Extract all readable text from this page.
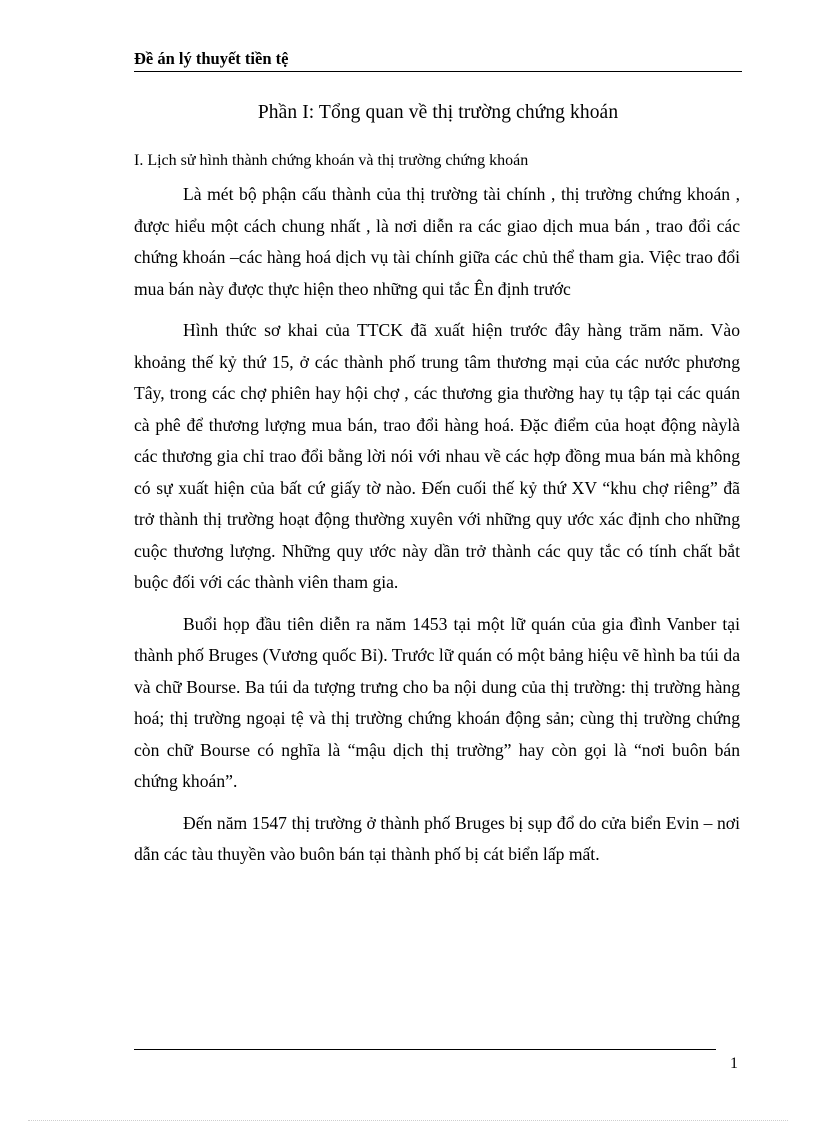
Đề án lý thuyết tiền tệ
Phần I: Tổng quan về thị trường chứng khoán
I. Lịch sử hình thành chứng khoán và thị trường chứng khoán

Là mét bộ phận cấu thành của thị trường tài chính , thị trường chứng khoán , được hiểu một cách chung nhất , là nơi diễn ra các giao dịch mua bán , trao đổi các chứng khoán –các hàng hoá dịch vụ tài chính giữa các chủ thể tham gia. Việc trao đổi mua bán này được thực hiện theo những qui tắc Ên định trước

Hình thức sơ khai của TTCK đã xuất hiện trước đây hàng trăm năm. Vào khoảng thế kỷ thứ 15, ở các thành phố trung tâm thương mại của các nước phương Tây, trong các chợ phiên hay hội chợ , các thương gia thường hay tụ tập tại các quán cà phê để thương lượng mua bán, trao đổi hàng hoá. Đặc điểm của hoạt động nàylà các thương gia chỉ trao đổi bằng lời nói với nhau về các hợp đồng mua bán mà không có sự xuất hiện của bất cứ giấy tờ nào. Đến cuối thế kỷ thứ XV “khu chợ riêng” đã trở thành thị trường hoạt động thường xuyên với những quy ước xác định cho những cuộc thương lượng. Những quy ước này dần trở thành các quy tắc có tính chất bắt buộc đối với các thành viên tham gia.

Buổi họp đầu tiên diễn ra năm 1453 tại một lữ quán của gia đình Vanber tại thành phố Bruges (Vương quốc Bỉ). Trước lữ quán có một bảng hiệu vẽ hình ba túi da và chữ Bourse. Ba túi da tượng trưng cho ba nội dung của thị trường: thị trường hàng hoá; thị trường ngoại tệ và thị trường chứng khoán động sản; cùng thị trường chứng còn chữ Bourse có nghĩa là “mậu dịch thị trường” hay còn gọi là “nơi buôn bán chứng khoán”.

Đến năm 1547 thị trường ở thành phố Bruges bị sụp đổ do cửa biển Evin – nơi dẫn các tàu thuyền vào buôn bán tại thành phố bị cát biển lấp mất.

1
